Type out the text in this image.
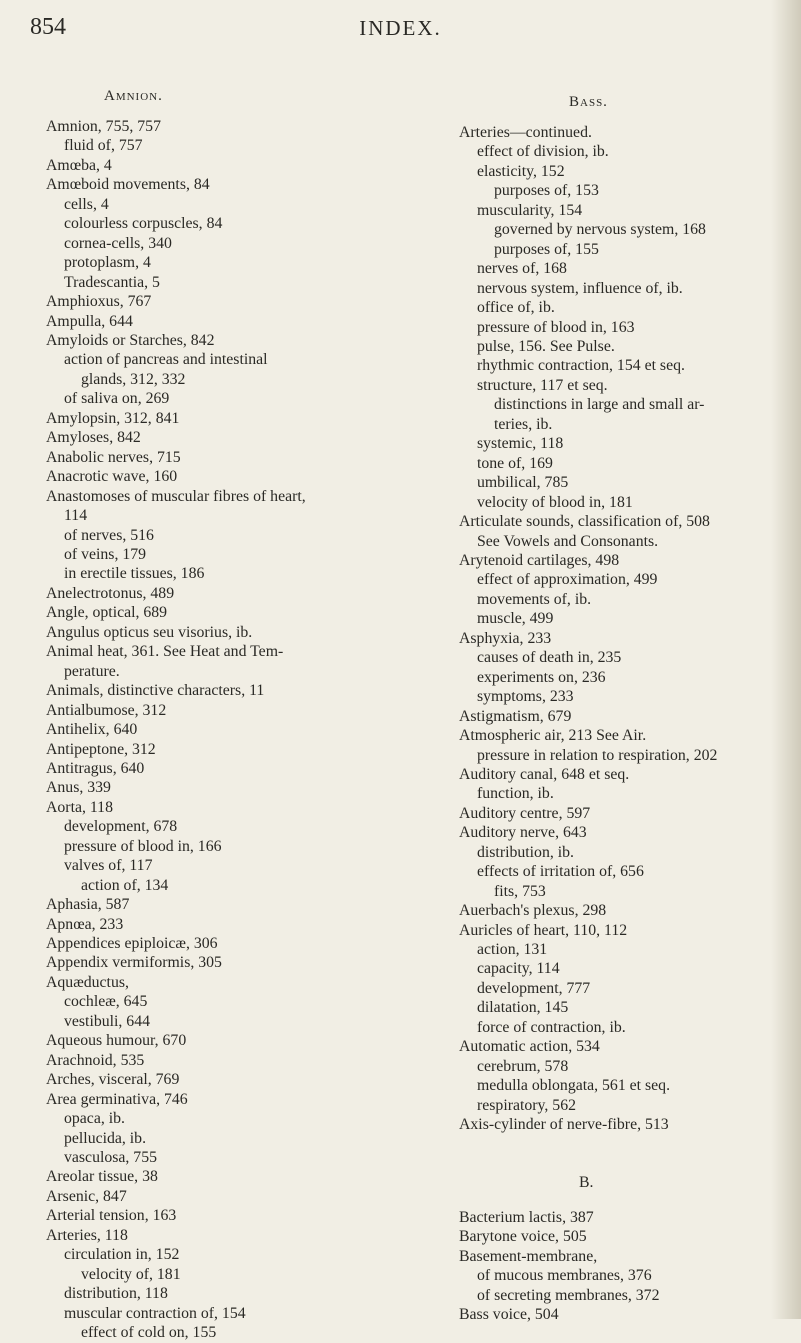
854	INDEX.
Amnion.
Amnion, 755, 757
fluid of, 757
Amœba, 4
Amœboid movements, 84
cells, 4
colourless corpuscles, 84
cornea-cells, 340
protoplasm, 4
Tradescantia, 5
Amphioxus, 767
Ampulla, 644
Amyloids or Starches, 842
action of pancreas and intestinal
glands, 312, 332
of saliva on, 269
Amylopsin, 312, 841
Amyloses, 842
Anabolic nerves, 715
Anacrotic wave, 160
Anastomoses of muscular fibres of heart,
114
of nerves, 516
of veins, 179
in erectile tissues, 186
Anelectrotonus, 489
Angle, optical, 689
Angulus opticus seu visorius, ib.
Animal heat, 361. See Heat and Tem-
perature.
Animals, distinctive characters, 11
Antialbumose, 312
Antihelix, 640
Antipeptone, 312
Antitragus, 640
Anus, 339
Aorta, 118
development, 678
pressure of blood in, 166
valves of, 117
action of, 134
Aphasia, 587
Apnœa, 233
Appendices epiploicæ, 306
Appendix vermiformis, 305
Aquæductus,
cochleæ, 645
vestibuli, 644
Aqueous humour, 670
Arachnoid, 535
Arches, visceral, 769
Area germinativa, 746
opaca, ib.
pellucida, ib.
vasculosa, 755
Areolar tissue, 38
Arsenic, 847
Arterial tension, 163
Arteries, 118
circulation in, 152
velocity of, 181
distribution, 118
muscular contraction of, 154
effect of cold on, 155
Bass.
Arteries—continued.
effect of division, ib.
elasticity, 152
purposes of, 153
muscularity, 154
governed by nervous system, 168
purposes of, 155
nerves of, 168
nervous system, influence of, ib.
office of, ib.
pressure of blood in, 163
pulse, 156. See Pulse.
rhythmic contraction, 154 et seq.
structure, 117 et seq.
distinctions in large and small ar-
teries, ib.
systemic, 118
tone of, 169
umbilical, 785
velocity of blood in, 181
Articulate sounds, classification of, 508
See Vowels and Consonants.
Arytenoid cartilages, 498
effect of approximation, 499
movements of, ib.
muscle, 499
Asphyxia, 233
causes of death in, 235
experiments on, 236
symptoms, 233
Astigmatism, 679
Atmospheric air, 213 See Air.
pressure in relation to respiration, 202
Auditory canal, 648 et seq.
function, ib.
Auditory centre, 597
Auditory nerve, 643
distribution, ib.
effects of irritation of, 656
fits, 753
Auerbach's plexus, 298
Auricles of heart, 110, 112
action, 131
capacity, 114
development, 777
dilatation, 145
force of contraction, ib.
Automatic action, 534
cerebrum, 578
medulla oblongata, 561 et seq.
respiratory, 562
Axis-cylinder of nerve-fibre, 513
B.
Bacterium lactis, 387
Barytone voice, 505
Basement-membrane,
of mucous membranes, 376
of secreting membranes, 372
Bass voice, 504
